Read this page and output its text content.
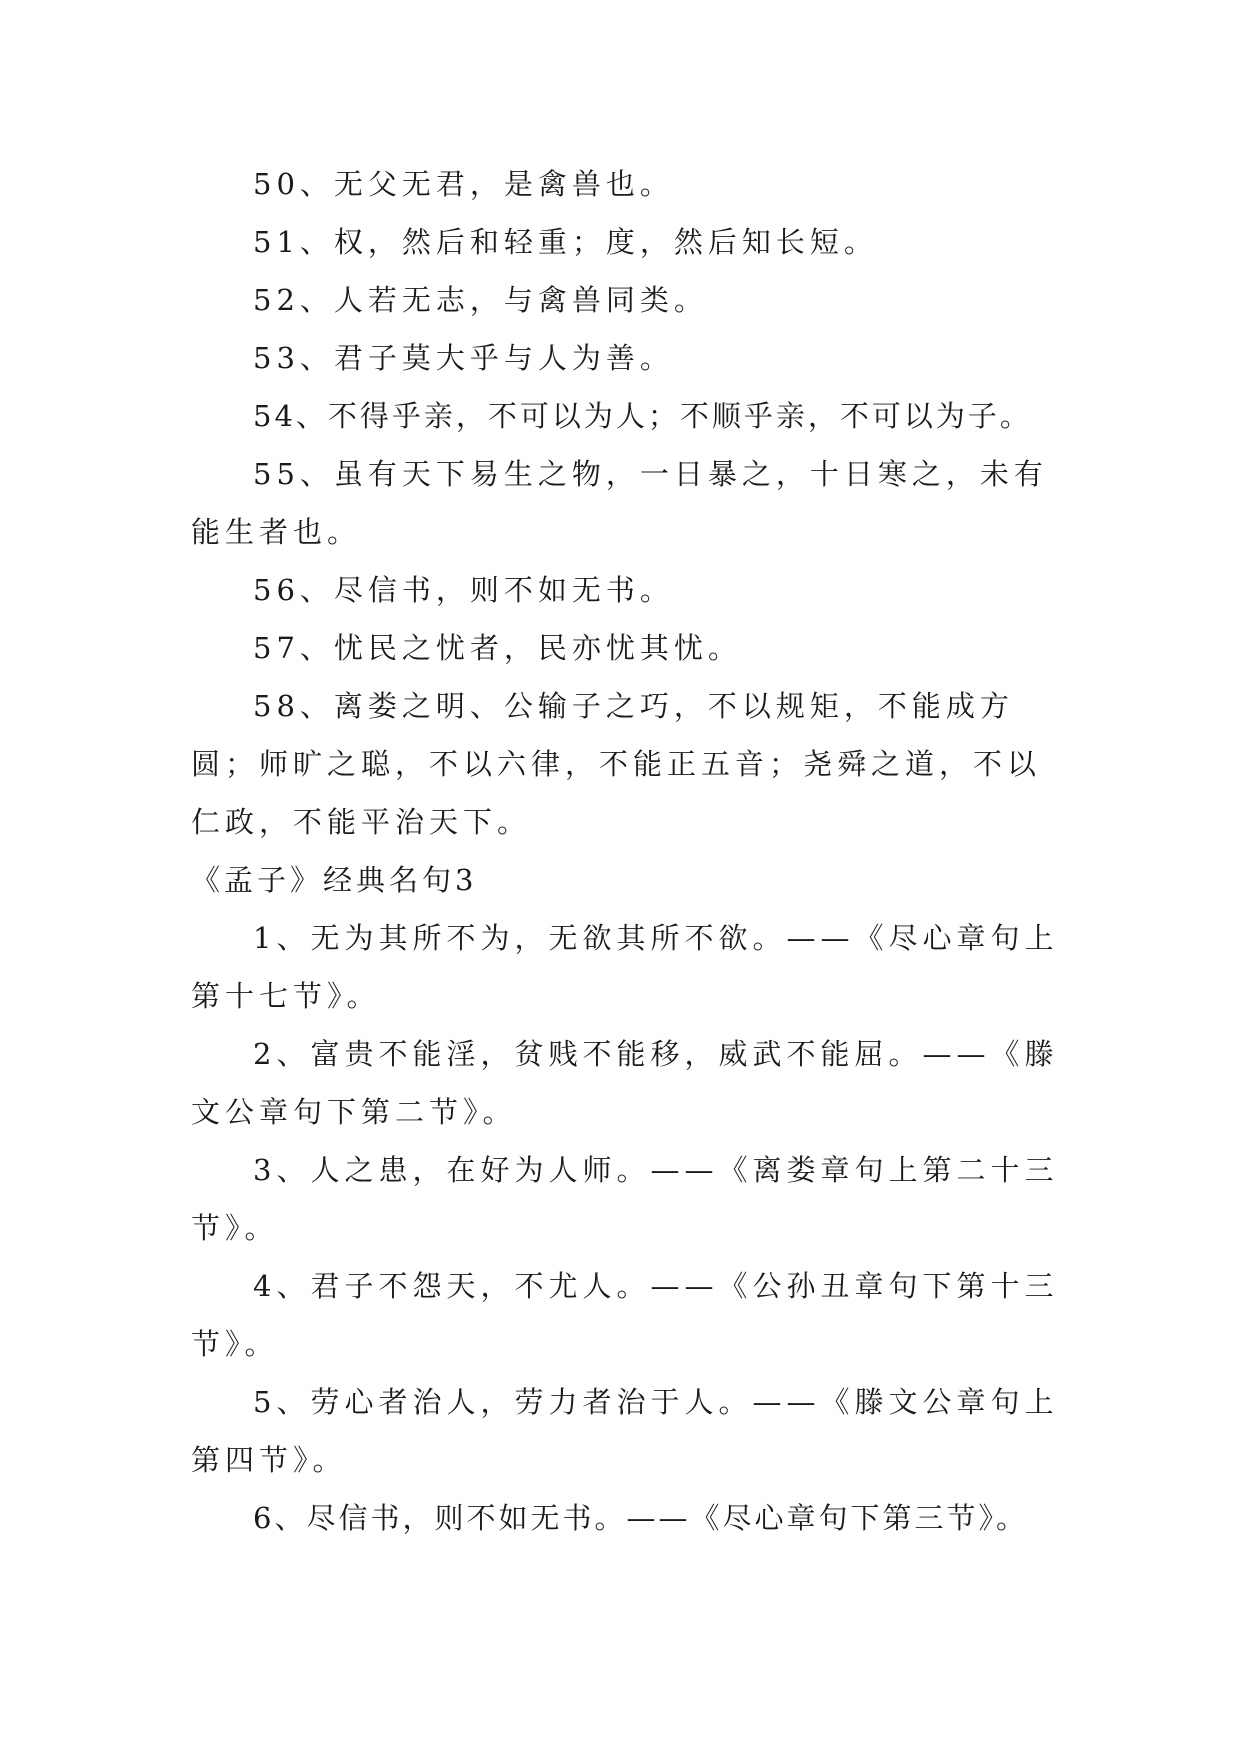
50、无父无君，是禽兽也。

51、权，然后和轻重；度，然后知长短。

52、人若无志，与禽兽同类。

53、君子莫大乎与人为善。

54、不得乎亲，不可以为人；不顺乎亲，不可以为子。

55、虽有天下易生之物，一日暴之，十日寒之，未有能生者也。

56、尽信书，则不如无书。

57、忧民之忧者，民亦忧其忧。

58、离娄之明、公输子之巧，不以规矩，不能成方圆；师旷之聪，不以六律，不能正五音；尧舜之道，不以仁政，不能平治天下。

《孟子》经典名句3

1、无为其所不为，无欲其所不欲。——《尽心章句上第十七节》。

2、富贵不能淫，贫贱不能移，威武不能屈。——《滕文公章句下第二节》。

3、人之患，在好为人师。——《离娄章句上第二十三节》。

4、君子不怨天，不尤人。——《公孙丑章句下第十三节》。

5、劳心者治人，劳力者治于人。——《滕文公章句上第四节》。

6、尽信书，则不如无书。——《尽心章句下第三节》。
